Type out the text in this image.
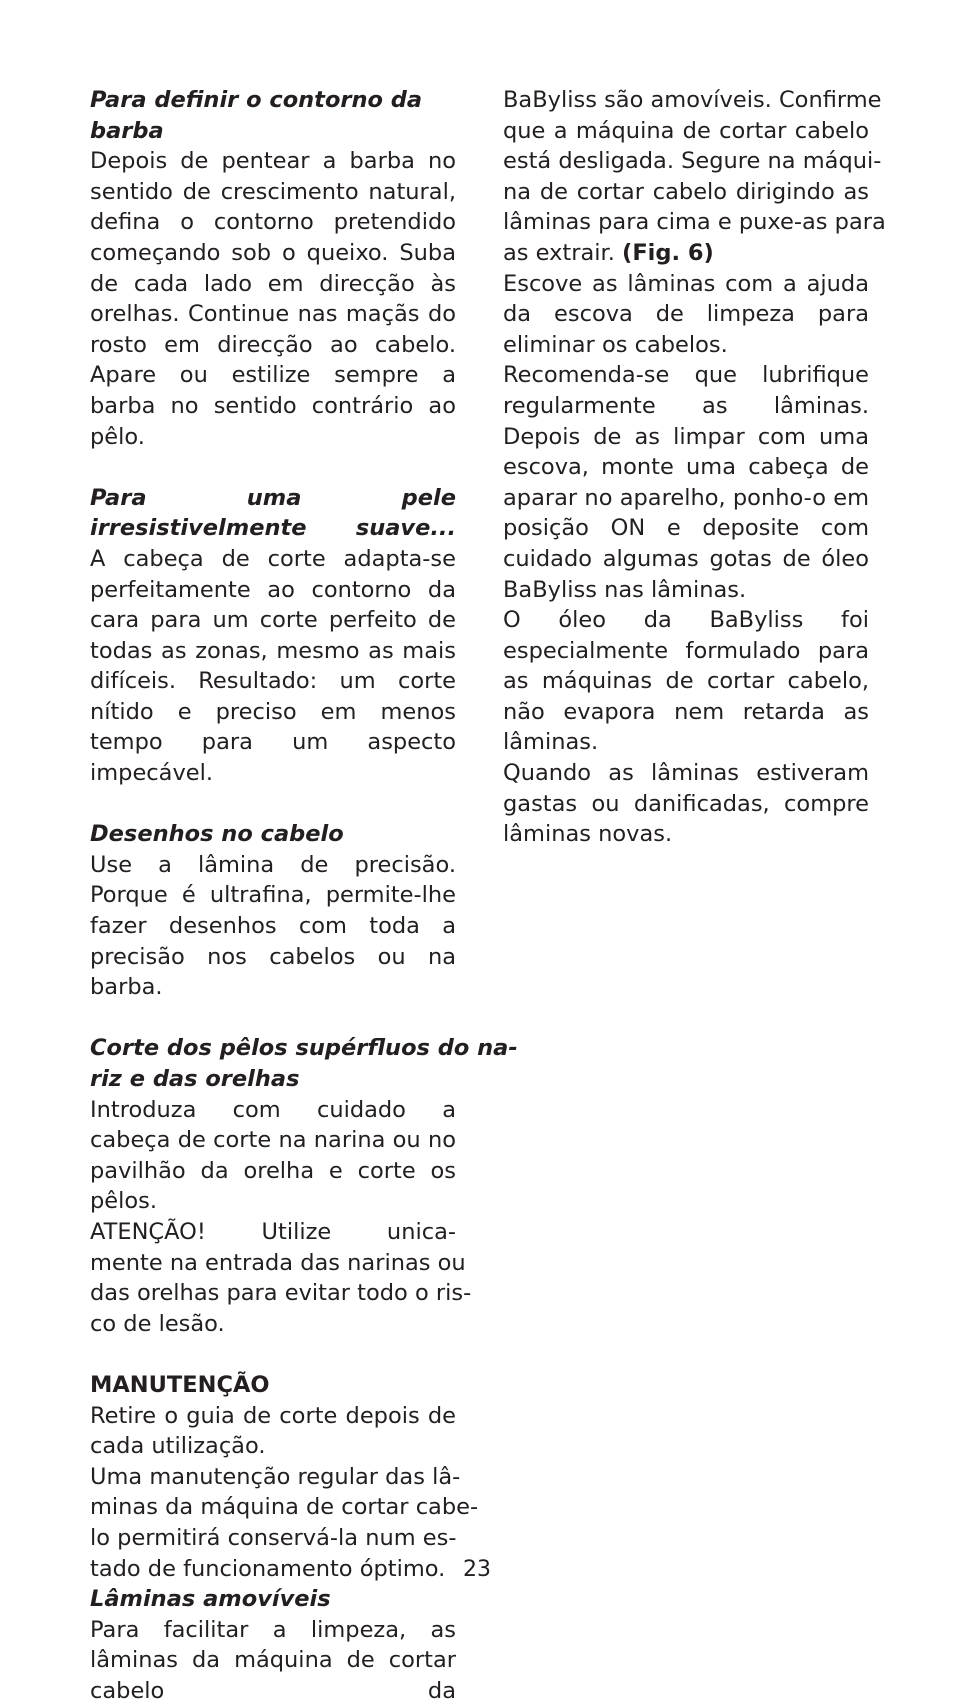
Para definir o contorno da barba

Depois de pentear a barba no sentido de crescimento natural, defina o contorno pretendido começando sob o queixo. Suba de cada lado em direcção às orelhas. Continue nas maçãs do rosto em direcção ao cabelo. Apare ou estilize sempre a barba no sentido contrário ao pêlo.

Para uma pele irresistivelmente suave...

A cabeça de corte adapta-se perfeitamente ao contorno da cara para um corte perfeito de todas as zonas, mesmo as mais difíceis. Resultado: um corte nítido e preciso em menos tempo para um aspecto impecável.

Desenhos no cabelo

Use a lâmina de precisão. Porque é ultrafina, permite-lhe fazer desenhos com toda a precisão nos cabelos ou na barba.

Corte dos pêlos supérfluos do na-
riz e das orelhas

Introduza com cuidado a cabeça de corte na narina ou no pavilhão da orelha e corte os pêlos.

ATENÇÃO! Utilize unica-
mente na entrada das narinas ou
das orelhas para evitar todo o ris-
co de lesão.

MANUTENÇÃO

Retire o guia de corte depois de cada utilização.

Uma manutenção regular das lâ-
minas da máquina de cortar cabe-
lo permitirá conservá-la num es-
tado de funcionamento óptimo.

Lâminas amovíveis

Para facilitar a limpeza, as lâminas da máquina de cortar cabelo da

BaByliss são amovíveis. Confirme
que a máquina de cortar cabelo
está desligada. Segure na máqui-
na de cortar cabelo dirigindo as
lâminas para cima e puxe-as para
as extrair. (Fig. 6)

Escove as lâminas com a ajuda da escova de limpeza para eliminar os cabelos.

Recomenda-se que lubrifique regularmente as lâminas. Depois de as limpar com uma escova, monte uma cabeça de aparar no aparelho, ponho-o em posição ON e deposite com cuidado algumas gotas de óleo BaByliss nas lâminas.

O óleo da BaByliss foi especialmente formulado para as máquinas de cortar cabelo, não evapora nem retarda as lâminas.

Quando as lâminas estiveram gastas ou danificadas, compre lâminas novas.

23
